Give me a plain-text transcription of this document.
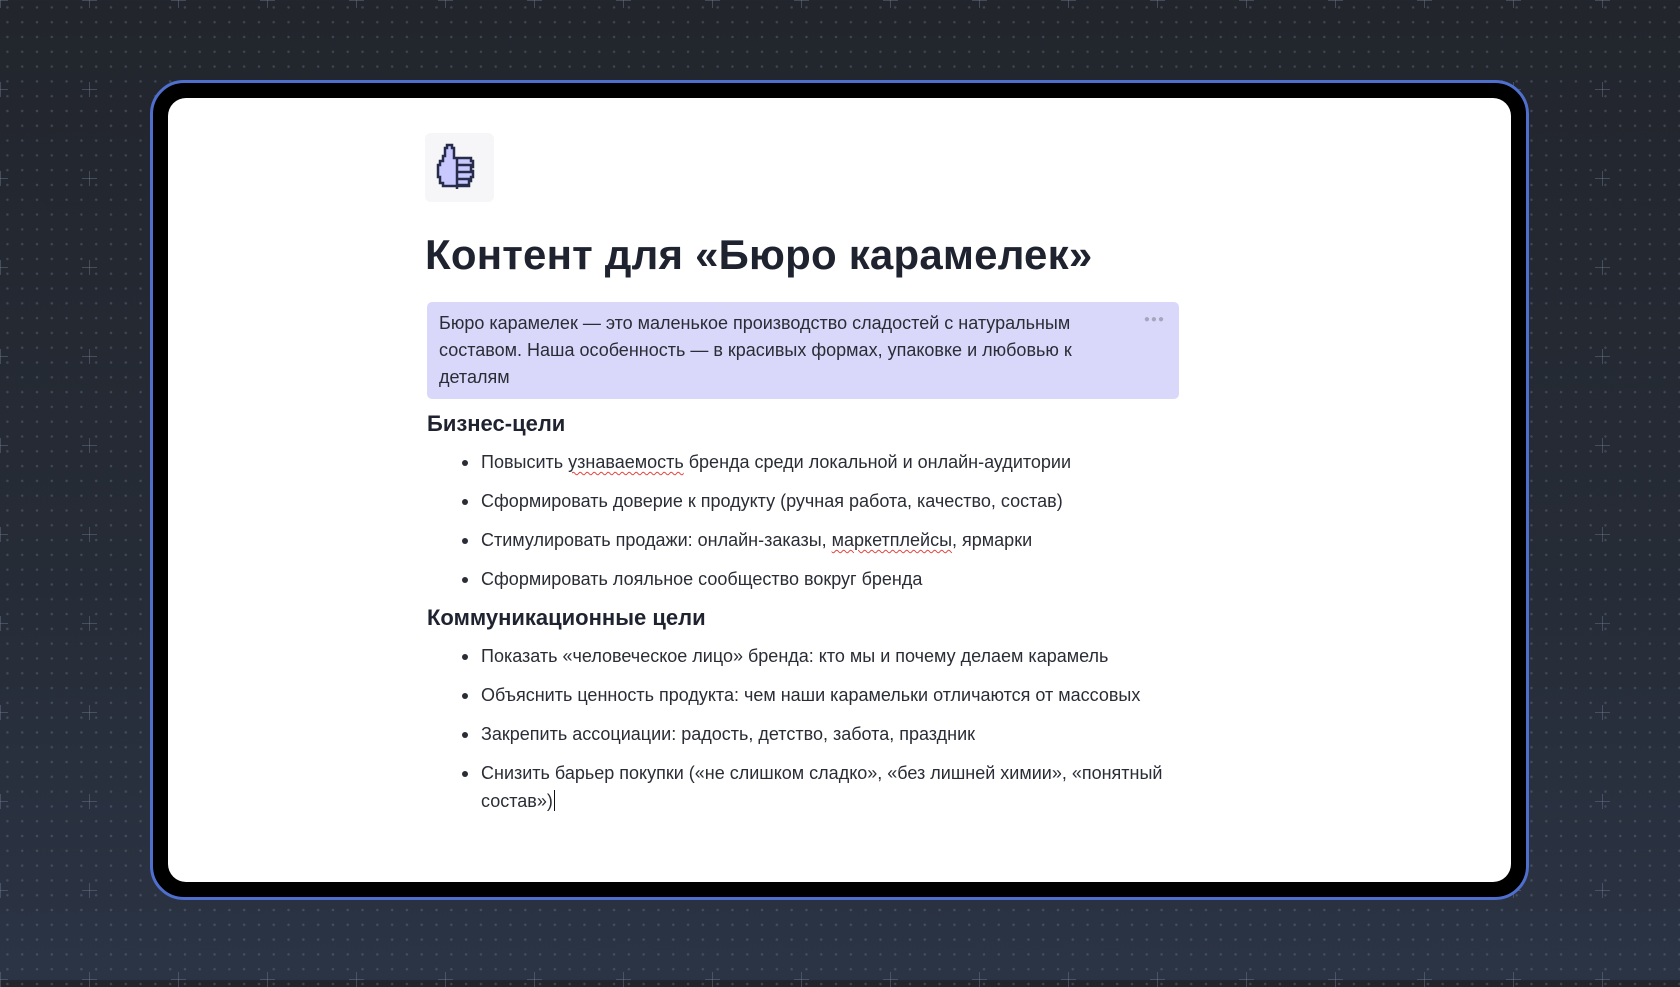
Контент для «Бюро карамелек»
Бюро карамелек — это маленькое производство сладостей с натуральным составом. Наша особенность — в красивых формах, упаковке и любовью к деталям
●●●
Бизнес-цели
Повысить узнаваемость бренда среди локальной и онлайн-аудитории
Сформировать доверие к продукту (ручная работа, качество, состав)
Стимулировать продажи: онлайн-заказы, маркетплейсы, ярмарки
Сформировать лояльное сообщество вокруг бренда
Коммуникационные цели
Показать «человеческое лицо» бренда: кто мы и почему делаем карамель
Объяснить ценность продукта: чем наши карамельки отличаются от массовых
Закрепить ассоциации: радость, детство, забота, праздник
Снизить барьер покупки («не слишком сладко», «без лишней химии», «понятный состав»)
